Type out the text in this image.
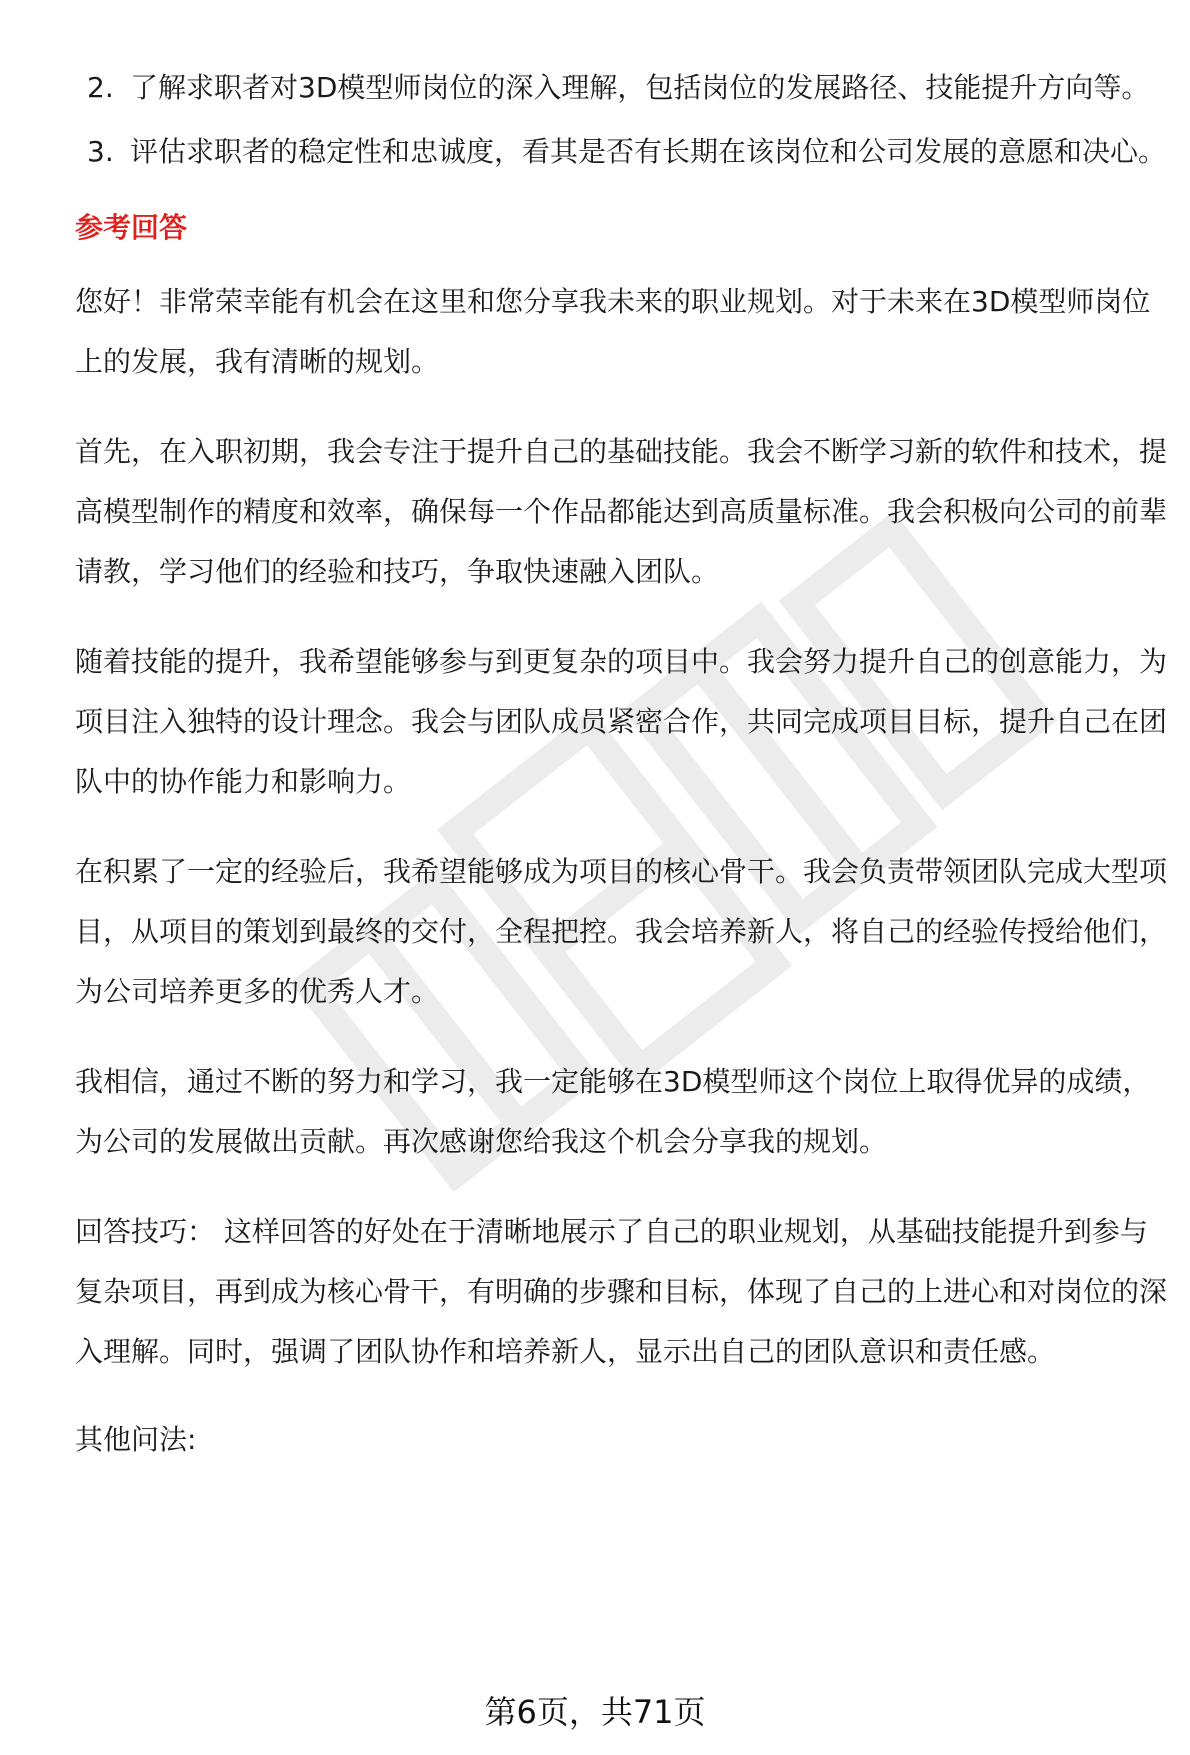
2. 了解求职者对3D模型师岗位的深入理解，包括岗位的发展路径、技能提升方向等。
3. 评估求职者的稳定性和忠诚度，看其是否有长期在该岗位和公司发展的意愿和决心。
参考回答

您好！非常荣幸能有机会在这里和您分享我未来的职业规划。对于未来在3D模型师岗位上的发展，我有清晰的规划。

首先，在入职初期，我会专注于提升自己的基础技能。我会不断学习新的软件和技术，提高模型制作的精度和效率，确保每一个作品都能达到高质量标准。我会积极向公司的前辈请教，学习他们的经验和技巧，争取快速融入团队。

随着技能的提升，我希望能够参与到更复杂的项目中。我会努力提升自己的创意能力，为项目注入独特的设计理念。我会与团队成员紧密合作，共同完成项目目标，提升自己在团队中的协作能力和影响力。

在积累了一定的经验后，我希望能够成为项目的核心骨干。我会负责带领团队完成大型项目，从项目的策划到最终的交付，全程把控。我会培养新人，将自己的经验传授给他们，为公司培养更多的优秀人才。

我相信，通过不断的努力和学习，我一定能够在3D模型师这个岗位上取得优异的成绩，为公司的发展做出贡献。再次感谢您给我这个机会分享我的规划。

回答技巧： 这样回答的好处在于清晰地展示了自己的职业规划，从基础技能提升到参与复杂项目，再到成为核心骨干，有明确的步骤和目标，体现了自己的上进心和对岗位的深入理解。同时，强调了团队协作和培养新人，显示出自己的团队意识和责任感。

其他问法:

第6页，共71页
